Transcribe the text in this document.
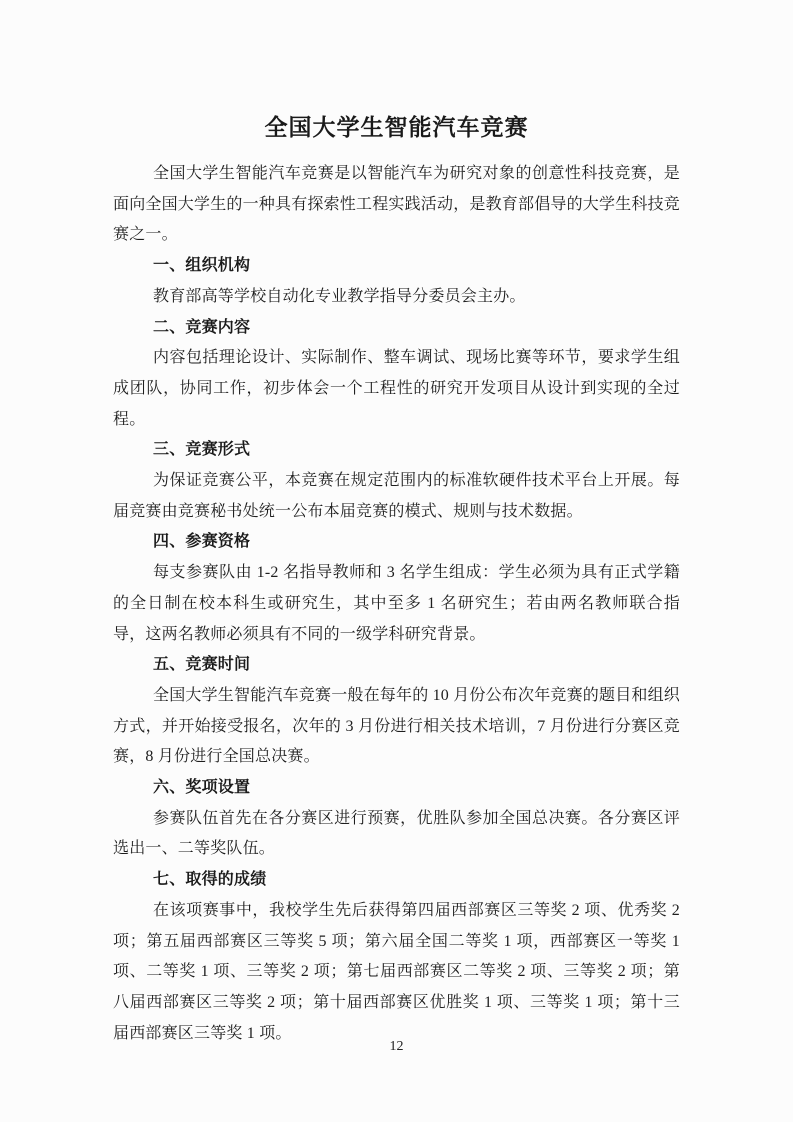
全国大学生智能汽车竞赛

全国大学生智能汽车竞赛是以智能汽车为研究对象的创意性科技竞赛，是面向全国大学生的一种具有探索性工程实践活动，是教育部倡导的大学生科技竞赛之一。

一、组织机构

教育部高等学校自动化专业教学指导分委员会主办。

二、竞赛内容

内容包括理论设计、实际制作、整车调试、现场比赛等环节，要求学生组成团队，协同工作，初步体会一个工程性的研究开发项目从设计到实现的全过程。

三、竞赛形式

为保证竞赛公平，本竞赛在规定范围内的标准软硬件技术平台上开展。每届竞赛由竞赛秘书处统一公布本届竞赛的模式、规则与技术数据。

四、参赛资格

每支参赛队由 1-2 名指导教师和 3 名学生组成：学生必须为具有正式学籍的全日制在校本科生或研究生，其中至多 1 名研究生；若由两名教师联合指导，这两名教师必须具有不同的一级学科研究背景。

五、竞赛时间

全国大学生智能汽车竞赛一般在每年的 10 月份公布次年竞赛的题目和组织方式，并开始接受报名，次年的 3 月份进行相关技术培训，7 月份进行分赛区竞赛，8 月份进行全国总决赛。

六、奖项设置

参赛队伍首先在各分赛区进行预赛，优胜队参加全国总决赛。各分赛区评选出一、二等奖队伍。

七、取得的成绩

在该项赛事中，我校学生先后获得第四届西部赛区三等奖 2 项、优秀奖 2 项；第五届西部赛区三等奖 5 项；第六届全国二等奖 1 项，西部赛区一等奖 1 项、二等奖 1 项、三等奖 2 项；第七届西部赛区二等奖 2 项、三等奖 2 项；第八届西部赛区三等奖 2 项；第十届西部赛区优胜奖 1 项、三等奖 1 项；第十三届西部赛区三等奖 1 项。

12
